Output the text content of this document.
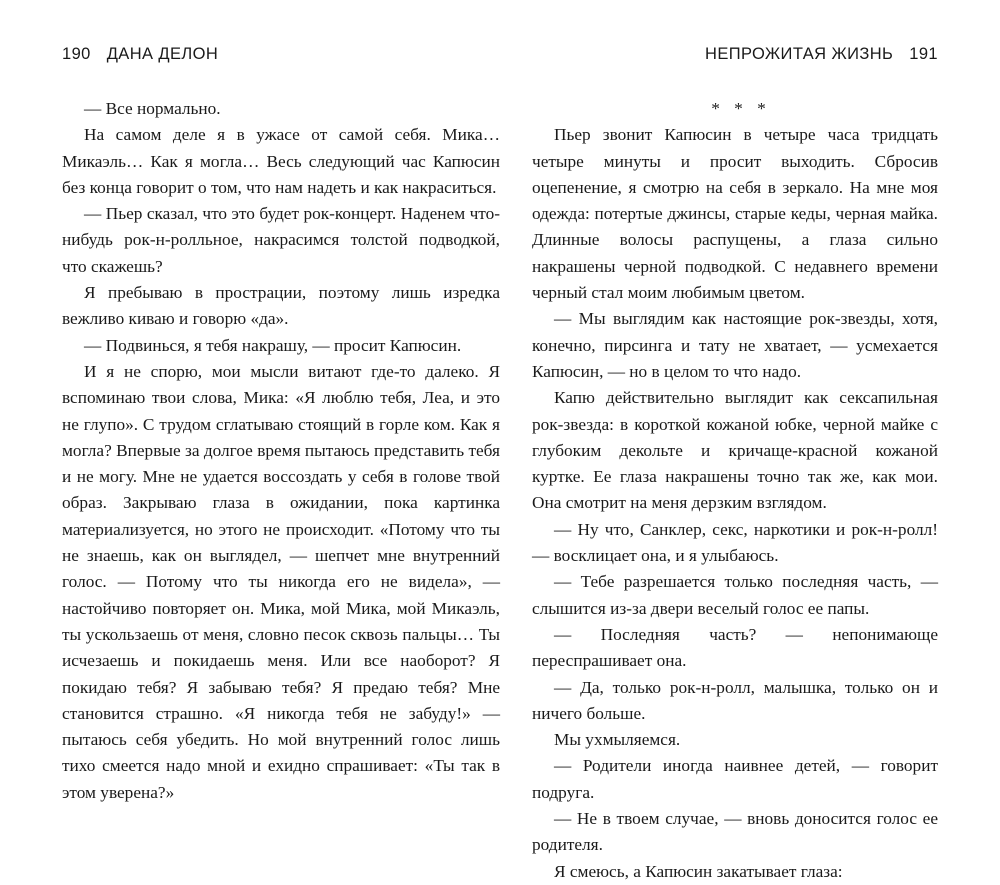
190 ДАНА ДЕЛОН

— Все нормально.

На самом деле я в ужасе от самой себя. Мика… Микаэль… Как я могла… Весь следующий час Капюсин без конца говорит о том, что нам надеть и как накраситься.

— Пьер сказал, что это будет рок-концерт. Наденем что-нибудь рок-н-ролльное, накрасимся толстой подводкой, что скажешь?

Я пребываю в прострации, поэтому лишь изредка вежливо киваю и говорю «да».

— Подвинься, я тебя накрашу, — просит Капюсин.

И я не спорю, мои мысли витают где-то далеко. Я вспоминаю твои слова, Мика: «Я люблю тебя, Леа, и это не глупо». С трудом сглатываю стоящий в горле ком. Как я могла? Впервые за долгое время пытаюсь представить тебя и не могу. Мне не удается воссоздать у себя в голове твой образ. Закрываю глаза в ожидании, пока картинка материализуется, но этого не происходит. «Потому что ты не знаешь, как он выглядел, — шепчет мне внутренний голос. — Потому что ты никогда его не видела», — настойчиво повторяет он. Мика, мой Мика, мой Микаэль, ты ускользаешь от меня, словно песок сквозь пальцы… Ты исчезаешь и покидаешь меня. Или все наоборот? Я покидаю тебя? Я забываю тебя? Я предаю тебя? Мне становится страшно. «Я никогда тебя не забуду!» — пытаюсь себя убедить. Но мой внутренний голос лишь тихо смеется надо мной и ехидно спрашивает: «Ты так в этом уверена?»

НЕПРОЖИТАЯ ЖИЗНЬ 191

* * *

Пьер звонит Капюсин в четыре часа тридцать четыре минуты и просит выходить. Сбросив оцепенение, я смотрю на себя в зеркало. На мне моя одежда: потертые джинсы, старые кеды, черная майка. Длинные волосы распущены, а глаза сильно накрашены черной подводкой. С недавнего времени черный стал моим любимым цветом.

— Мы выглядим как настоящие рок-звезды, хотя, конечно, пирсинга и тату не хватает, — усмехается Капюсин, — но в целом то что надо.

Капю действительно выглядит как сексапильная рок-звезда: в короткой кожаной юбке, черной майке с глубоким декольте и кричаще-красной кожаной куртке. Ее глаза накрашены точно так же, как мои. Она смотрит на меня дерзким взглядом.

— Ну что, Санклер, секс, наркотики и рок-н-ролл! — восклицает она, и я улыбаюсь.

— Тебе разрешается только последняя часть, — слышится из-за двери веселый голос ее папы.

— Последняя часть? — непонимающе переспрашивает она.

— Да, только рок-н-ролл, малышка, только он и ничего больше.

Мы ухмыляемся.

— Родители иногда наивнее детей, — говорит подруга.

— Не в твоем случае, — вновь доносится голос ее родителя.

Я смеюсь, а Капюсин закатывает глаза:
